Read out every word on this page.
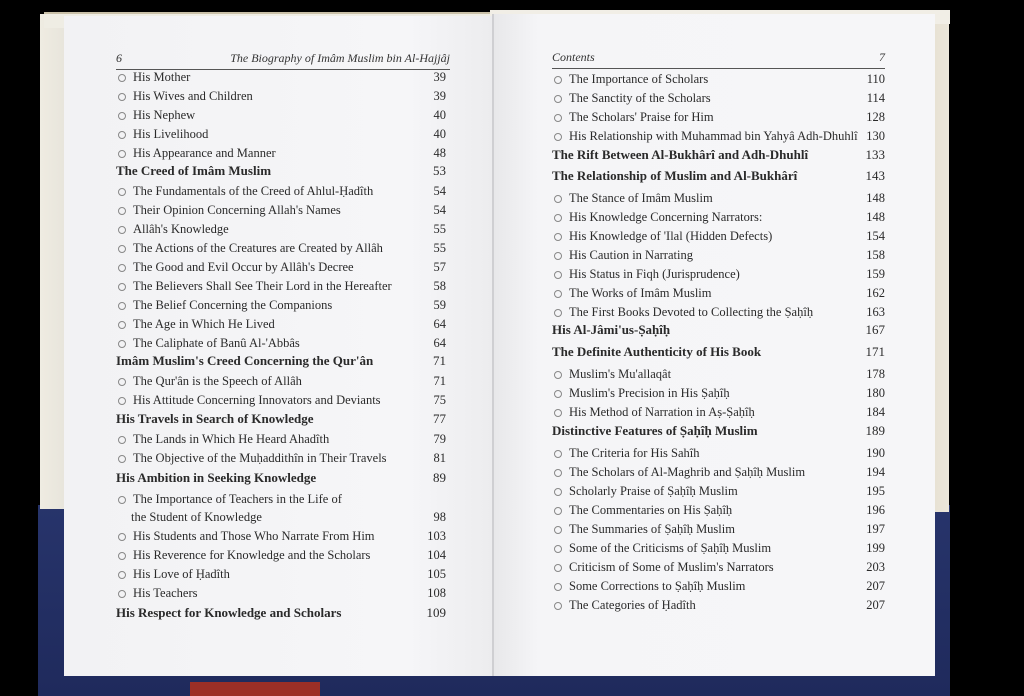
6	The Biography of Imâm Muslim bin Al-Hajjâj
His Mother	39
His Wives and Children	39
His Nephew	40
His Livelihood	40
His Appearance and Manner	48
The Creed of Imâm Muslim	53
The Fundamentals of the Creed of Ahlul-Ḥadîth	54
Their Opinion Concerning Allah's Names	54
Allâh's Knowledge	55
The Actions of the Creatures are Created by Allâh	55
The Good and Evil Occur by Allâh's Decree	57
The Believers Shall See Their Lord in the Hereafter	58
The Belief Concerning the Companions	59
The Age in Which He Lived	64
The Caliphate of Banû Al-'Abbâs	64
Imâm Muslim's Creed Concerning the Qur'ân	71
The Qur'ân is the Speech of Allâh	71
His Attitude Concerning Innovators and Deviants	75
His Travels in Search of Knowledge	77
The Lands in Which He Heard Ahadîth	79
The Objective of the Muḥaddithîn in Their Travels	81
His Ambition in Seeking Knowledge	89
The Importance of Teachers in the Life of
the Student of Knowledge	98
His Students and Those Who Narrate From Him	103
His Reverence for Knowledge and the Scholars	104
His Love of Ḥadîth	105
His Teachers	108
His Respect for Knowledge and Scholars	109
Contents	7
The Importance of Scholars	110
The Sanctity of the Scholars	114
The Scholars' Praise for Him	128
His Relationship with Muhammad bin Yahyâ Adh-Dhuhlî 130
The Rift Between Al-Bukhârî and Adh-Dhuhlî	133
The Relationship of Muslim and Al-Bukhârî	143
The Stance of Imâm Muslim	148
His Knowledge Concerning Narrators:	148
His Knowledge of 'Ilal (Hidden Defects)	154
His Caution in Narrating	158
His Status in Fiqh (Jurisprudence)	159
The Works of Imâm Muslim	162
The First Books Devoted to Collecting the Ṣaḥîḥ	163
His Al-Jâmi'us-Ṣaḥîḥ	167
The Definite Authenticity of His Book	171
Muslim's Mu'allaqât	178
Muslim's Precision in His Ṣaḥîḥ	180
His Method of Narration in Aṣ-Ṣaḥîḥ	184
Distinctive Features of Ṣaḥîḥ Muslim	189
The Criteria for His Sahîh	190
The Scholars of Al-Maghrib and Ṣaḥîḥ Muslim	194
Scholarly Praise of Ṣaḥîḥ Muslim	195
The Commentaries on His Ṣaḥîḥ	196
The Summaries of Ṣaḥîḥ Muslim	197
Some of the Criticisms of Ṣaḥîḥ Muslim	199
Criticism of Some of Muslim's Narrators	203
Some Corrections to Ṣaḥîḥ Muslim	207
The Categories of Ḥadîth	207
